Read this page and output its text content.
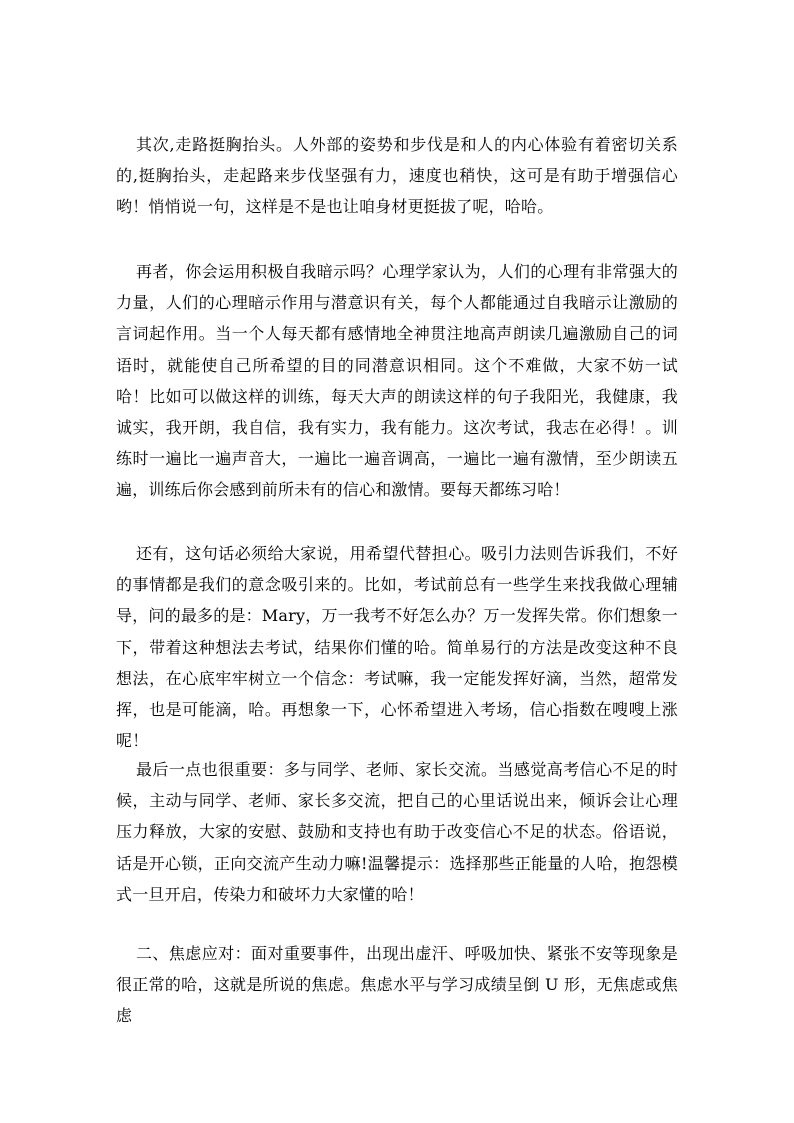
其次,走路挺胸抬头。人外部的姿势和步伐是和人的内心体验有着密切关系的,挺胸抬头，走起路来步伐坚强有力，速度也稍快，这可是有助于增强信心哟！悄悄说一句，这样是不是也让咱身材更挺拔了呢，哈哈。

再者，你会运用积极自我暗示吗？心理学家认为，人们的心理有非常强大的力量，人们的心理暗示作用与潜意识有关，每个人都能通过自我暗示让激励的言词起作用。当一个人每天都有感情地全神贯注地高声朗读几遍激励自己的词语时，就能使自己所希望的目的同潜意识相同。这个不难做，大家不妨一试哈！比如可以做这样的训练，每天大声的朗读这样的句子我阳光，我健康，我诚实，我开朗，我自信，我有实力，我有能力。这次考试，我志在必得！。训练时一遍比一遍声音大，一遍比一遍音调高，一遍比一遍有激情，至少朗读五遍，训练后你会感到前所未有的信心和激情。要每天都练习哈！

还有，这句话必须给大家说，用希望代替担心。吸引力法则告诉我们，不好的事情都是我们的意念吸引来的。比如，考试前总有一些学生来找我做心理辅导，问的最多的是：Mary，万一我考不好怎么办？万一发挥失常。你们想象一下，带着这种想法去考试，结果你们懂的哈。简单易行的方法是改变这种不良想法，在心底牢牢树立一个信念：考试嘛，我一定能发挥好滴，当然，超常发挥，也是可能滴，哈。再想象一下，心怀希望进入考场，信心指数在嗖嗖上涨呢！

最后一点也很重要：多与同学、老师、家长交流。当感觉高考信心不足的时候，主动与同学、老师、家长多交流，把自己的心里话说出来，倾诉会让心理压力释放，大家的安慰、鼓励和支持也有助于改变信心不足的状态。俗语说，话是开心锁，正向交流产生动力嘛!温馨提示：选择那些正能量的人哈，抱怨模式一旦开启，传染力和破坏力大家懂的哈！

二、焦虑应对：面对重要事件，出现出虚汗、呼吸加快、紧张不安等现象是很正常的哈，这就是所说的焦虑。焦虑水平与学习成绩呈倒 U 形，无焦虑或焦虑
